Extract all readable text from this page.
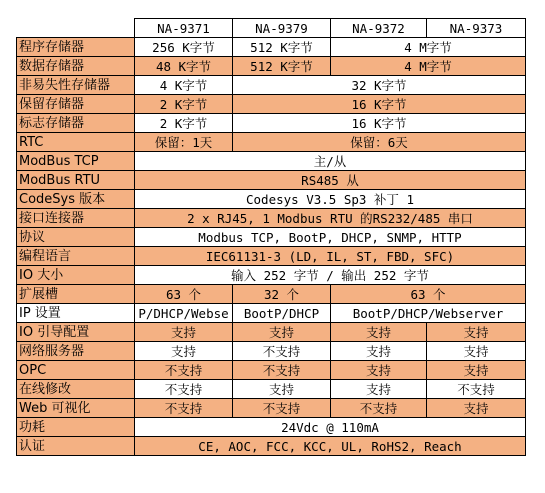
	NA-9371	NA-9379	NA-9372	NA-9373
程序存储器	256 K字节	512 K字节	4 M字节	
数据存储器	48 K字节	512 K字节	4 M字节	
非易失性存储器	4 K字节	32 K字节		
保留存储器	2 K字节	16 K字节		
标志存储器	2 K字节	16 K字节		
RTC	保留：1天	保留：6天		
ModBus TCP	主/从			
ModBus RTU	RS485 从			
CodeSys 版本	Codesys V3.5 Sp3 补丁 1			
接口连接器	2 x RJ45, 1 Modbus RTU 的RS232/485 串口			
协议	Modbus TCP, BootP, DHCP, SNMP, HTTP			
编程语言	IEC61131-3 (LD, IL, ST, FBD, SFC)			
IO 大小	输入 252 字节 / 输出 252 字节			
扩展槽	63 个	32 个	63 个	
IP 设置	P/DHCP/Webse	BootP/DHCP	BootP/DHCP/Webserver	
IO 引导配置	支持	支持	支持	支持
网络服务器	支持	不支持	支持	支持
OPC	不支持	不支持	支持	支持
在线修改	不支持	支持	支持	不支持
Web 可视化	不支持	不支持	不支持	支持
功耗	24Vdc @ 110mA			
认证	CE, AOC, FCC, KCC, UL, RoHS2, Reach			
